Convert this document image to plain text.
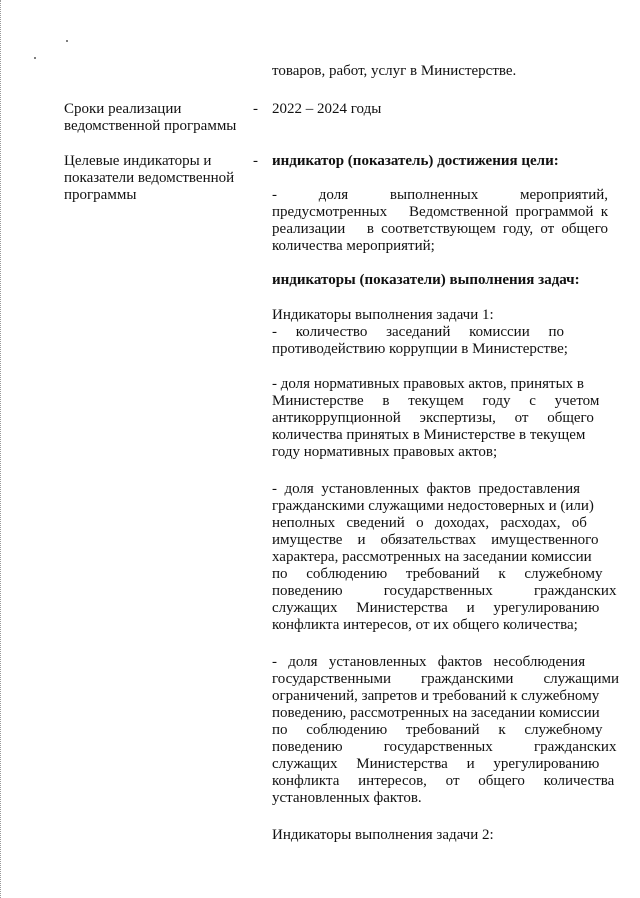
товаров, работ, услуг в Министерстве.
Сроки реализации
ведомственной программы
- 2022 – 2024 годы
Целевые индикаторы и
показатели ведомственной
программы
- индикатор (показатель) достижения цели:
-        доля        выполненных        мероприятий,
предусмотренных   Ведомственной программой к
реализации   в соответствующем году, от общего
количества мероприятий;
индикаторы (показатели) выполнения задач:
Индикаторы выполнения задачи 1:
-     количество     заседаний     комиссии     по
противодействию коррупции в Министерстве;
- доля нормативных правовых актов, принятых в
Министерстве     в     текущем     году     с     учетом
антикоррупционной     экспертизы,     от     общего
количества принятых в Министерстве в текущем
году нормативных правовых актов;
-  доля  установленных  фактов  предоставления
гражданскими служащими недостоверных и (или)
неполных   сведений   о   доходах,   расходах,   об
имуществе    и    обязательствах    имущественного
характера, рассмотренных на заседании комиссии
по     соблюдению     требований     к     служебному
поведению           государственных           гражданских
служащих     Министерства     и     урегулированию
конфликта интересов, от их общего количества;
-   доля   установленных   фактов   несоблюдения
государственными        гражданскими        служащими
ограничений, запретов и требований к служебному
поведению, рассмотренных на заседании комиссии
по     соблюдению     требований     к     служебному
поведению           государственных           гражданских
служащих     Министерства     и     урегулированию
конфликта     интересов,     от     общего     количества
установленных фактов.
Индикаторы выполнения задачи 2:
